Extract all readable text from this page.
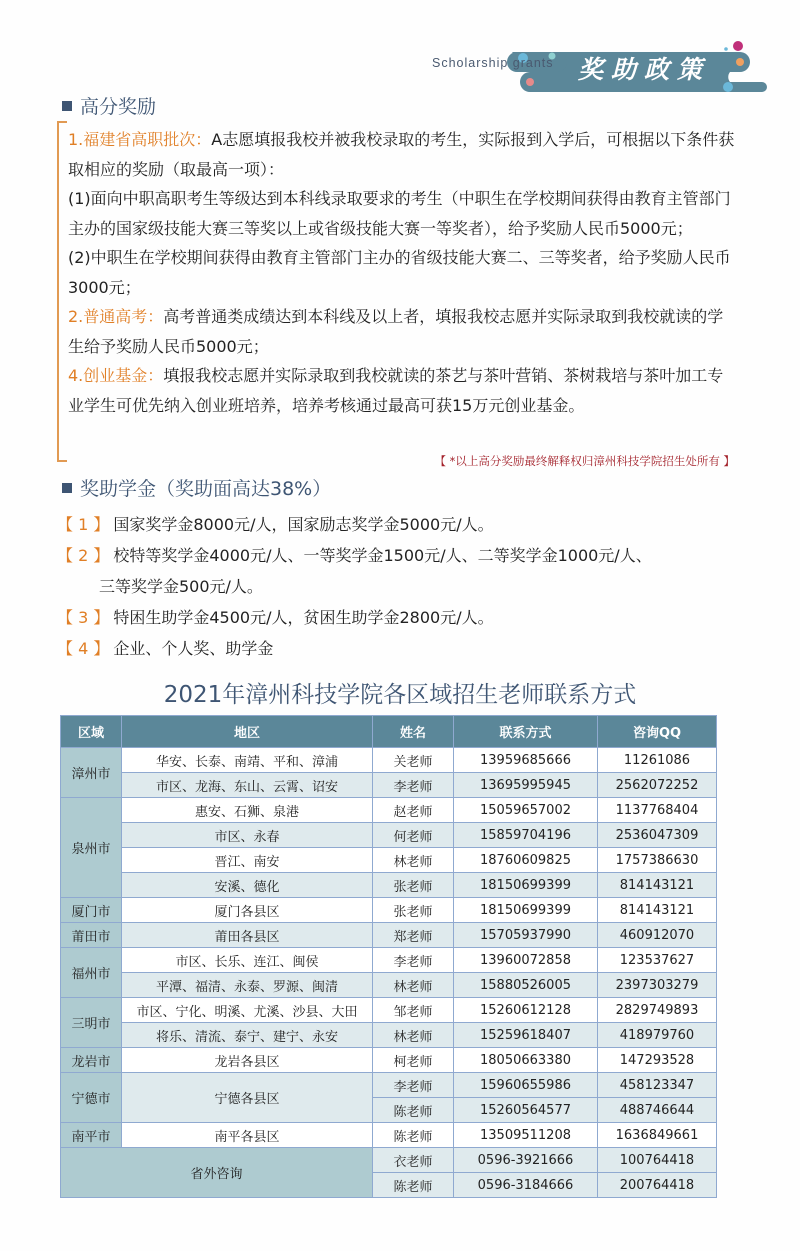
Scholarship grants 奖助政策
高分奖励

1.福建省高职批次：A志愿填报我校并被我校录取的考生，实际报到入学后，可根据以下条件获取相应的奖励（取最高一项）：

(1)面向中职高职考生等级达到本科线录取要求的考生（中职生在学校期间获得由教育主管部门主办的国家级技能大赛三等奖以上或省级技能大赛一等奖者），给予奖励人民币5000元；

(2)中职生在学校期间获得由教育主管部门主办的省级技能大赛二、三等奖者，给予奖励人民币3000元；

2.普通高考：高考普通类成绩达到本科线及以上者，填报我校志愿并实际录取到我校就读的学生给予奖励人民币5000元；

4.创业基金：填报我校志愿并实际录取到我校就读的茶艺与茶叶营销、茶树栽培与茶叶加工专业学生可优先纳入创业班培养，培养考核通过最高可获15万元创业基金。

【 *以上高分奖励最终解释权归漳州科技学院招生处所有 】
奖助学金（奖助面高达38%）
【 1 】 国家奖学金8000元/人，国家励志奖学金5000元/人。
【 2 】 校特等奖学金4000元/人、一等奖学金1500元/人、二等奖学金1000元/人、
三等奖学金500元/人。
【 3 】 特困生助学金4500元/人，贫困生助学金2800元/人。
【 4 】 企业、个人奖、助学金
2021年漳州科技学院各区域招生老师联系方式
区域	地区	姓名	联系方式	咨询QQ
漳州市	华安、长泰、南靖、平和、漳浦	关老师	13959685666	11261086
	市区、龙海、东山、云霄、诏安	李老师	13695995945	2562072252
泉州市	惠安、石狮、泉港	赵老师	15059657002	1137768404
	市区、永春	何老师	15859704196	2536047309
	晋江、南安	林老师	18760609825	1757386630
	安溪、德化	张老师	18150699399	814143121
厦门市	厦门各县区	张老师	18150699399	814143121
莆田市	莆田各县区	郑老师	15705937990	460912070
福州市	市区、长乐、连江、闽侯	李老师	13960072858	123537627
	平潭、福清、永泰、罗源、闽清	林老师	15880526005	2397303279
三明市	市区、宁化、明溪、尤溪、沙县、大田	邹老师	15260612128	2829749893
	将乐、清流、泰宁、建宁、永安	林老师	15259618407	418979760
龙岩市	龙岩各县区	柯老师	18050663380	147293528
宁德市	宁德各县区	李老师	15960655986	458123347
		陈老师	15260564577	488746644
南平市	南平各县区	陈老师	13509511208	1636849661
省外咨询		衣老师	0596-3921666	100764418
		陈老师	0596-3184666	200764418
